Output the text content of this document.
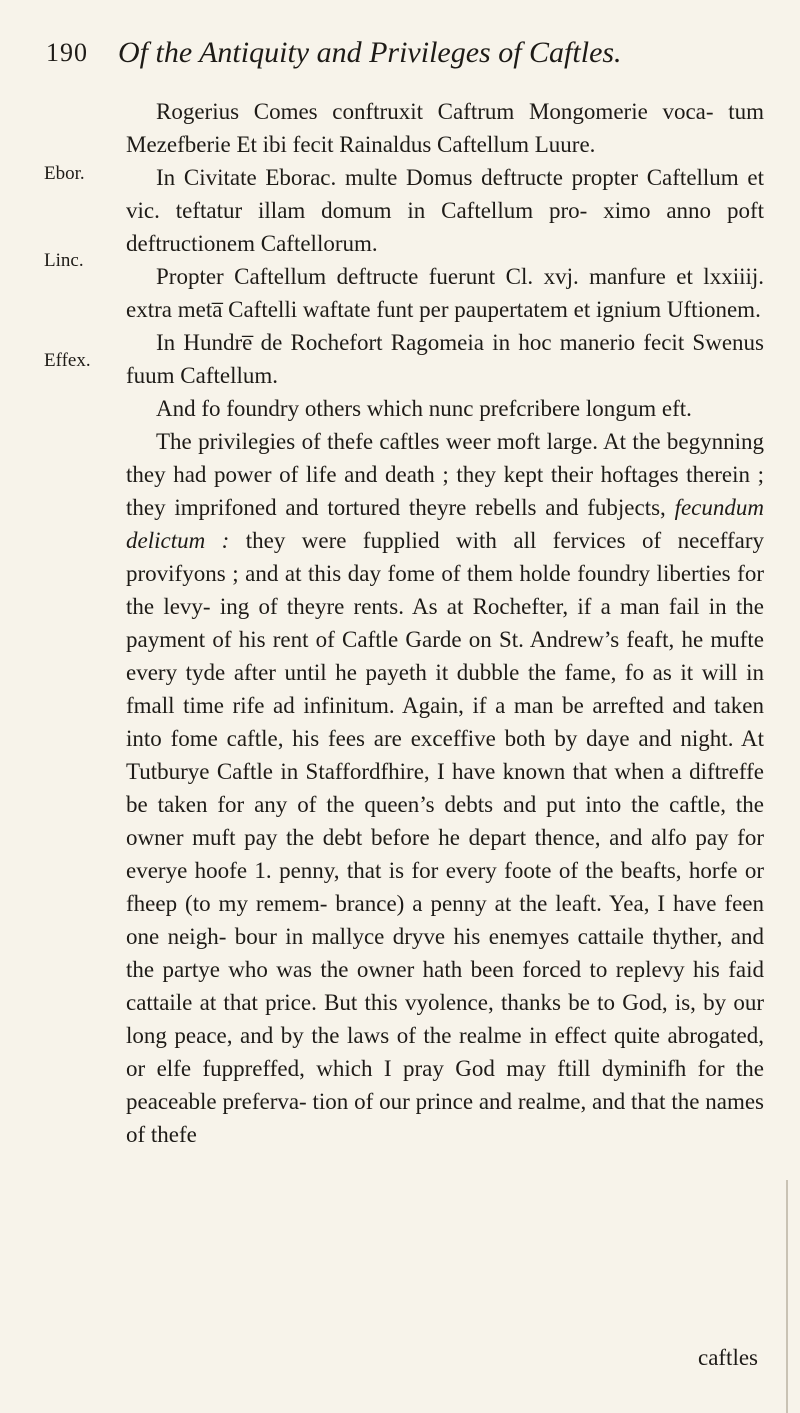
190 Of the Antiquity and Privileges of Caftles.
Ebor.
Linc.
Effex.

Rogerius Comes conftruxit Caftrum Mongomerie voca- tum Mezefberie Et ibi fecit Rainaldus Caftellum Luure.

In Civitate Eborac. multe Domus deftructe propter Caftellum et vic. teftatur illam domum in Caftellum pro- ximo anno poft deftructionem Caftellorum.

Propter Caftellum deftructe fuerunt Cl. xvj. manfure et lxxiiij. extra meta̅ Caftelli waftate funt per paupertatem et ignium Uftionem.

In Hundre̅ de Rochefort Ragomeia in hoc manerio fecit Swenus fuum Caftellum.

And fo foundry others which nunc prefcribere longum eft.

The privilegies of thefe caftles weer moft large. At the begynning they had power of life and death ; they kept their hoftages therein ; they imprifoned and tortured theyre rebells and fubjects, fecundum delictum : they were fupplied with all fervices of neceffary provifyons ; and at this day fome of them holde foundry liberties for the levy- ing of theyre rents. As at Rochefter, if a man fail in the payment of his rent of Caftle Garde on St. Andrew’s feaft, he mufte every tyde after until he payeth it dubble the fame, fo as it will in fmall time rife ad infinitum. Again, if a man be arrefted and taken into fome caftle, his fees are exceffive both by daye and night. At Tutburye Caftle in Staffordfhire, I have known that when a diftreffe be taken for any of the queen’s debts and put into the caftle, the owner muft pay the debt before he depart thence, and alfo pay for everye hoofe 1. penny, that is for every foote of the beafts, horfe or fheep (to my remem- brance) a penny at the leaft. Yea, I have feen one neigh- bour in mallyce dryve his enemyes cattaile thyther, and the partye who was the owner hath been forced to replevy his faid cattaile at that price. But this vyolence, thanks be to God, is, by our long peace, and by the laws of the realme in effect quite abrogated, or elfe fuppreffed, which I pray God may ftill dyminifh for the peaceable preferva- tion of our prince and realme, and that the names of thefe

caftles
